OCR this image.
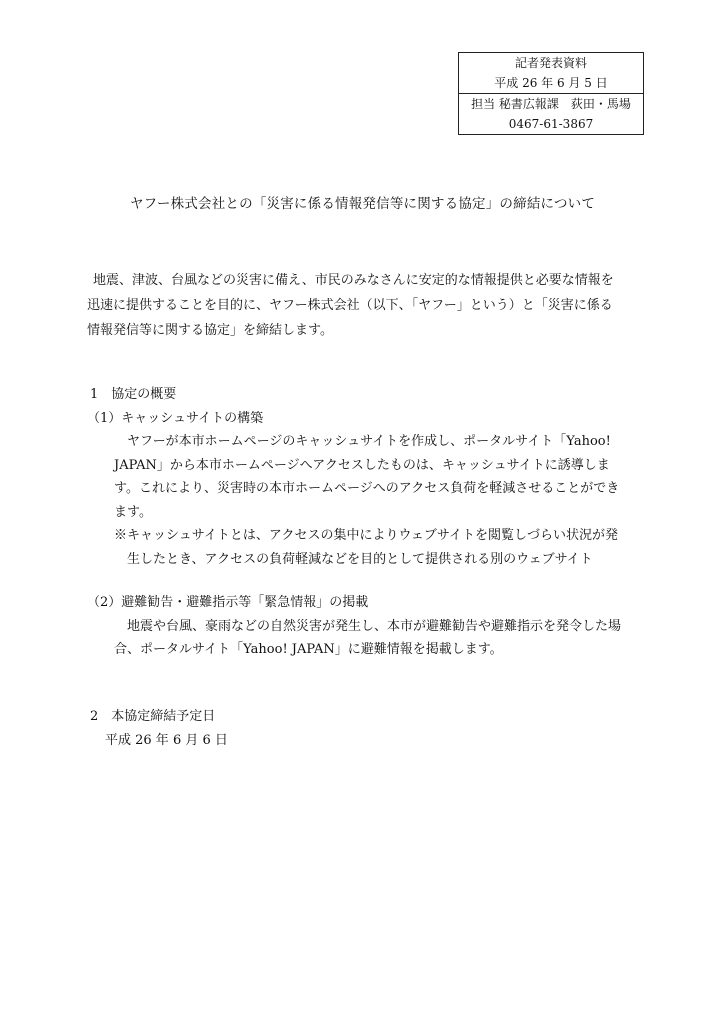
記者発表資料
平成 26 年 6 月 5 日
担当 秘書広報課　荻田・馬場
0467-61-3867
ヤフー株式会社との「災害に係る情報発信等に関する協定」の締結について
地震、津波、台風などの災害に備え、市民のみなさんに安定的な情報提供と必要な情報を
迅速に提供することを目的に、ヤフー株式会社（以下、「ヤフー」という）と「災害に係る
情報発信等に関する協定」を締結します。
1　協定の概要
（1）キャッシュサイトの構築
ヤフーが本市ホームページのキャッシュサイトを作成し、ポータルサイト「Yahoo!
JAPAN」から本市ホームページへアクセスしたものは、キャッシュサイトに誘導しま
す。これにより、災害時の本市ホームページへのアクセス負荷を軽減させることができ
ます。
※キャッシュサイトとは、アクセスの集中によりウェブサイトを閲覧しづらい状況が発
生したとき、アクセスの負荷軽減などを目的として提供される別のウェブサイト
（2）避難勧告・避難指示等「緊急情報」の掲載
地震や台風、豪雨などの自然災害が発生し、本市が避難勧告や避難指示を発令した場
合、ポータルサイト「Yahoo! JAPAN」に避難情報を掲載します。
2　本協定締結予定日
平成 26 年 6 月 6 日
